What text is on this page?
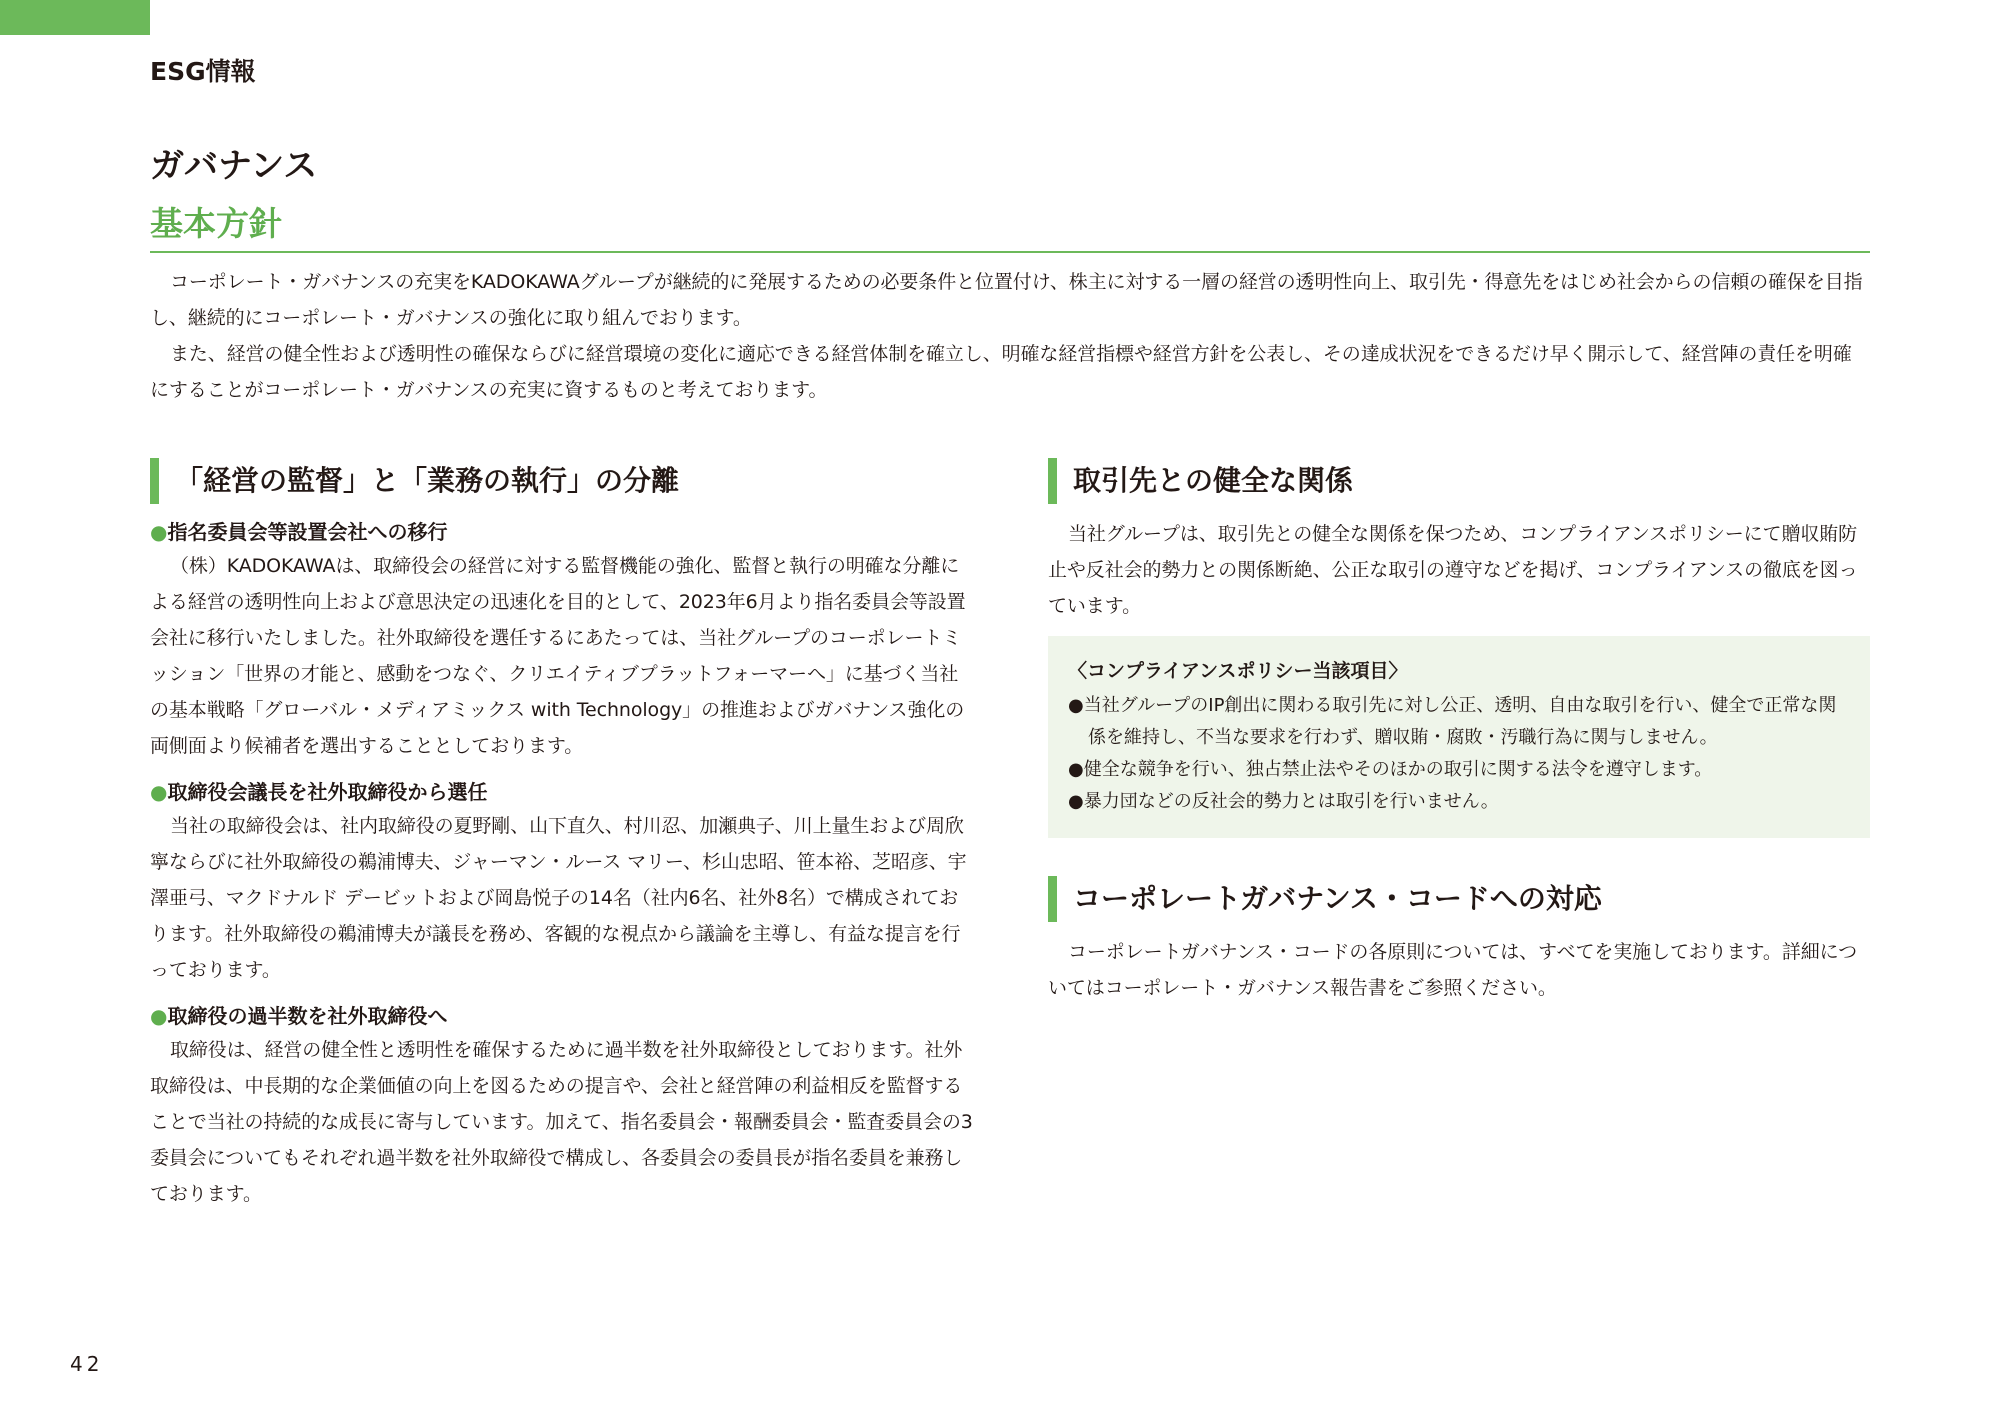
ESG情報
ガバナンス
基本方針

コーポレート・ガバナンスの充実をKADOKAWAグループが継続的に発展するための必要条件と位置付け、株主に対する一層の経営の透明性向上、取引先・得意先をはじめ社会からの信頼の確保を目指し、継続的にコーポレート・ガバナンスの強化に取り組んでおります。

また、経営の健全性および透明性の確保ならびに経営環境の変化に適応できる経営体制を確立し、明確な経営指標や経営方針を公表し、その達成状況をできるだけ早く開示して、経営陣の責任を明確にすることがコーポレート・ガバナンスの充実に資するものと考えております。

「経営の監督」と「業務の執行」の分離

●指名委員会等設置会社への移行

（株）KADOKAWAは、取締役会の経営に対する監督機能の強化、監督と執行の明確な分離による経営の透明性向上および意思決定の迅速化を目的として、2023年6月より指名委員会等設置会社に移行いたしました。社外取締役を選任するにあたっては、当社グループのコーポレートミッション「世界の才能と、感動をつなぐ、クリエイティブプラットフォーマーへ」に基づく当社の基本戦略「グローバル・メディアミックス with Technology」の推進およびガバナンス強化の両側面より候補者を選出することとしております。

●取締役会議長を社外取締役から選任

当社の取締役会は、社内取締役の夏野剛、山下直久、村川忍、加瀬典子、川上量生および周欣寧ならびに社外取締役の鵜浦博夫、ジャーマン・ルース マリー、杉山忠昭、笹本裕、芝昭彦、宇澤亜弓、マクドナルド デービットおよび岡島悦子の14名（社内6名、社外8名）で構成されております。社外取締役の鵜浦博夫が議長を務め、客観的な視点から議論を主導し、有益な提言を行っております。

●取締役の過半数を社外取締役へ

取締役は、経営の健全性と透明性を確保するために過半数を社外取締役としております。社外取締役は、中長期的な企業価値の向上を図るための提言や、会社と経営陣の利益相反を監督することで当社の持続的な成長に寄与しています。加えて、指名委員会・報酬委員会・監査委員会の3委員会についてもそれぞれ過半数を社外取締役で構成し、各委員会の委員長が指名委員を兼務しております。

取引先との健全な関係

当社グループは、取引先との健全な関係を保つため、コンプライアンスポリシーにて贈収賄防止や反社会的勢力との関係断絶、公正な取引の遵守などを掲げ、コンプライアンスの徹底を図っています。

〈コンプライアンスポリシー当該項目〉

●当社グループのIP創出に関わる取引先に対し公正、透明、自由な取引を行い、健全で正常な関係を維持し、不当な要求を行わず、贈収賄・腐敗・汚職行為に関与しません。
●健全な競争を行い、独占禁止法やそのほかの取引に関する法令を遵守します。
●暴力団などの反社会的勢力とは取引を行いません。
コーポレートガバナンス・コードへの対応

コーポレートガバナンス・コードの各原則については、すべてを実施しております。詳細についてはコーポレート・ガバナンス報告書をご参照ください。

42
